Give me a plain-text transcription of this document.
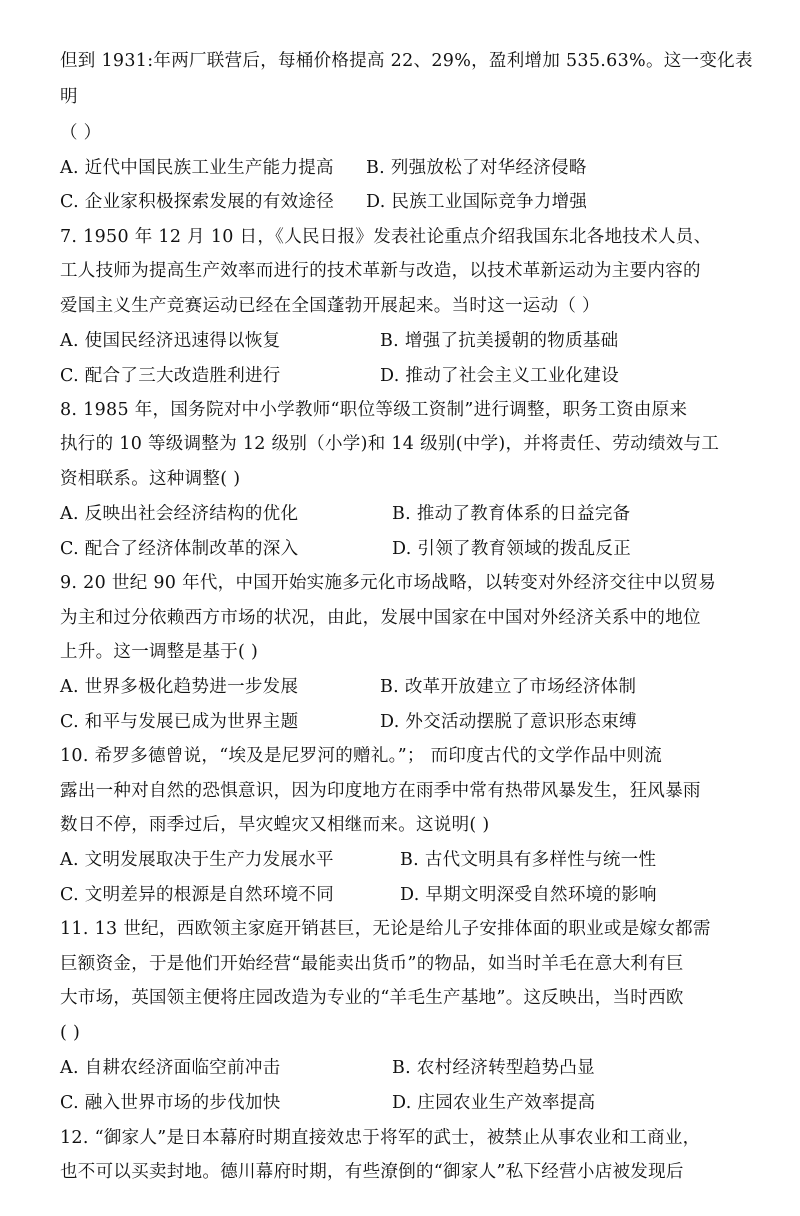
但到 1931:年两厂联营后，每桶价格提高 22、29%，盈利增加 535.63%。这一变化表
明
（ ）
A. 近代中国民族工业生产能力提高 B. 列强放松了对华经济侵略
C. 企业家积极探索发展的有效途径 D. 民族工业国际竞争力增强
7. 1950 年 12 月 10 日，《人民日报》发表社论重点介绍我国东北各地技术人员、
工人技师为提高生产效率而进行的技术革新与改造，以技术革新运动为主要内容的
爱国主义生产竞赛运动已经在全国蓬勃开展起来。当时这一运动（ ）
A. 使国民经济迅速得以恢复	B. 增强了抗美援朝的物质基础
C. 配合了三大改造胜利进行	D. 推动了社会主义工业化建设
8. 1985 年，国务院对中小学教师“职位等级工资制”进行调整，职务工资由原来
执行的 10 等级调整为 12 级别（小学)和 14 级别(中学)，并将责任、劳动绩效与工
资相联系。这种调整( )
A. 反映出社会经济结构的优化	B. 推动了教育体系的日益完备
C. 配合了经济体制改革的深入	D. 引领了教育领域的拨乱反正
9. 20 世纪 90 年代，中国开始实施多元化市场战略，以转变对外经济交往中以贸易
为主和过分依赖西方市场的状况，由此，发展中国家在中国对外经济关系中的地位
上升。这一调整是基于( )
A. 世界多极化趋势进一步发展	B. 改革开放建立了市场经济体制
C. 和平与发展已成为世界主题	D. 外交活动摆脱了意识形态束缚
10. 希罗多德曾说，“埃及是尼罗河的赠礼。”； 而印度古代的文学作品中则流
露出一种对自然的恐惧意识，因为印度地方在雨季中常有热带风暴发生，狂风暴雨
数日不停，雨季过后，旱灾蝗灾又相继而来。这说明( )
A. 文明发展取决于生产力发展水平	B. 古代文明具有多样性与统一性
C. 文明差异的根源是自然环境不同	D. 早期文明深受自然环境的影响
11. 13 世纪，西欧领主家庭开销甚巨，无论是给儿子安排体面的职业或是嫁女都需
巨额资金，于是他们开始经营“最能卖出货币”的物品，如当时羊毛在意大利有巨
大市场，英国领主便将庄园改造为专业的“羊毛生产基地”。这反映出，当时西欧
( )
A. 自耕农经济面临空前冲击	B. 农村经济转型趋势凸显
C. 融入世界市场的步伐加快	D. 庄园农业生产效率提高
12. “御家人”是日本幕府时期直接效忠于将军的武士，被禁止从事农业和工商业，
也不可以买卖封地。德川幕府时期，有些潦倒的“御家人”私下经营小店被发现后
